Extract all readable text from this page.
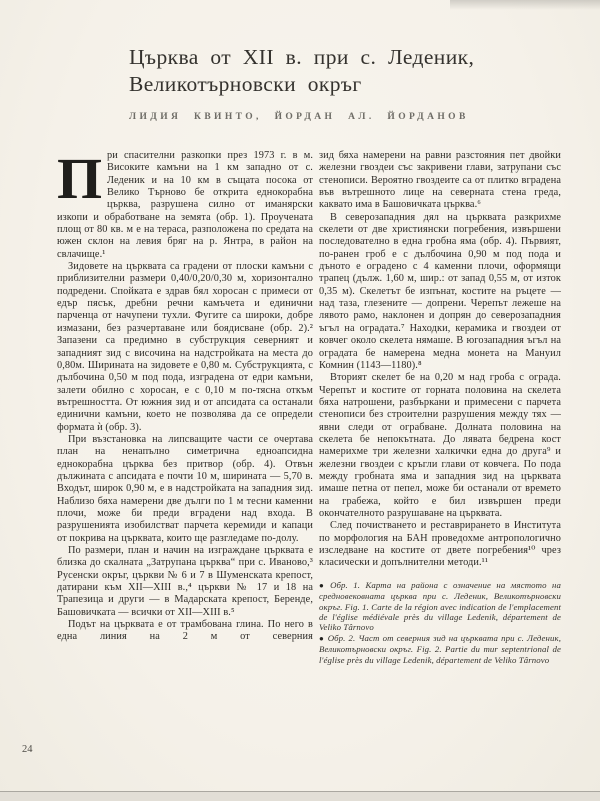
Църква от XII в. при с. Леденик,
Великотърновски окръг
ЛИДИЯ КВИНТО, ЙОРДАН АЛ. ЙОРДАНОВ

При спасителни разкопки през 1973 г. в м. Високите камъни на 1 км западно от с. Леденик и на 10 км в същата посока от Велико Търново бе открита еднокорабна църква, разрушена силно от иманярски изкопи и обработване на земята (обр. 1). Проучената площ от 80 кв. м е на тераса, разположена по средата на южен склон на левия бряг на р. Янтра, в район на свлачище.¹

Зидовете на църквата са градени от плоски камъни с приблизителни размери 0,40/0,20/0,30 м, хоризонтално подредени. Спойката е здрав бял хоросан с примеси от едър пясък, дребни речни камъчета и единични парченца от начупени тухли. Фугите са широки, добре измазани, без разчертаване или боядисване (обр. 2).² Запазени са предимно в субструкция северният и западният зид с височина на надстройката на места до 0,80м. Ширината на зидовете е 0,80 м. Субструкцията, с дълбочина 0,50 м под пода, изградена от едри камъни, залети обилно с хоросан, е с 0,10 м по-тясна откъм вътрешността. От южния зид и от апсидата са останали единични камъни, което не позволява да се определи формата ѝ (обр. 3).

При възстановка на липсващите части се очертава план на ненапълно симетрична едноапсидна еднокорабна църква без притвор (обр. 4). Отвън дължината с апсидата е почти 10 м, ширината — 5,70 в. Входът, широк 0,90 м, е в надстройката на западния зид. Наблизо бяха намерени две дълги по 1 м тесни каменни плочи, може би преди вградени над входа. В разрушенията изобилстват парчета керемиди и капаци от покрива на църквата, които ще разгледаме по-долу.

По размери, план и начин на изграждане църквата е близка до скалната „Затрупана църква“ при с. Иваново,³ Русенски окръг, църкви № 6 и 7 в Шуменската крепост, датирани към XII—XIII в.,⁴ църкви № 17 и 18 на Трапезица и други — в Мадарската крепост, Беренде, Башовичката — всички от XII—XIII в.⁵

Подът на църквата е от трамбована глина. По него в една линия на 2 м от северния

зид бяха намерени на равни разстояния пет двойки железни гвоздеи със закривени глави, затрупани със стенописи. Вероятно гвоздеите са от плитко вградена във вътрешното лице на северната стена греда, каквато има в Башовичката църква.⁶

В северозападния дял на църквата разкрихме скелети от две християнски погребения, извършени последователно в една гробна яма (обр. 4). Първият, по-ранен гроб е с дълбочина 0,90 м под пода и дъното е оградено с 4 каменни плочи, оформящи трапец (дълж. 1,60 м, шир.: от запад 0,55 м, от изток 0,35 м). Скелетът бе изпънат, костите на ръцете — над таза, глезените — допрени. Черепът лежеше на лявото рамо, наклонен и допрян до северозападния ъгъл на оградата.⁷ Находки, керамика и гвоздеи от ковчег около скелета нямаше. В югозападния ъгъл на оградата бе намерена медна монета на Мануил Комнин (1143—1180).⁸

Вторият скелет бе на 0,20 м над гроба с ограда. Черепът и костите от горната половина на скелета бяха натрошени, разбъркани и примесени с парчета стенописи без строителни разрушения между тях — явни следи от ограбване. Долната половина на скелета бе непокътната. До лявата бедрена кост намерихме три железни халкички една до друга⁹ и железни гвоздеи с кръгли глави от ковчега. По пода между гробната яма и западния зид на църквата имаше петна от пепел, може би останали от времето на грабежа, който е бил извършен преди окончателното разрушаване на църквата.

След почистването и реставрирането в Института по морфология на БАН проведохме антропологично изследване на костите от двете погребения¹⁰ чрез класически и допълнителни методи.¹¹

● Обр. 1. Карта на района с означение на мястото на средновековната църква при с. Леденик, Великотърновски окръг. Fig. 1. Carte de la région avec indication de l'emplacement de l'église médiévale près du village Ledenik, département de Veliko Târnovo

● Обр. 2. Част от северния зид на църквата при с. Леденик, Великотърновски окръг. Fig. 2. Partie du mur septentrional de l'église près du village Ledenik, département de Veliko Târnovo

24
